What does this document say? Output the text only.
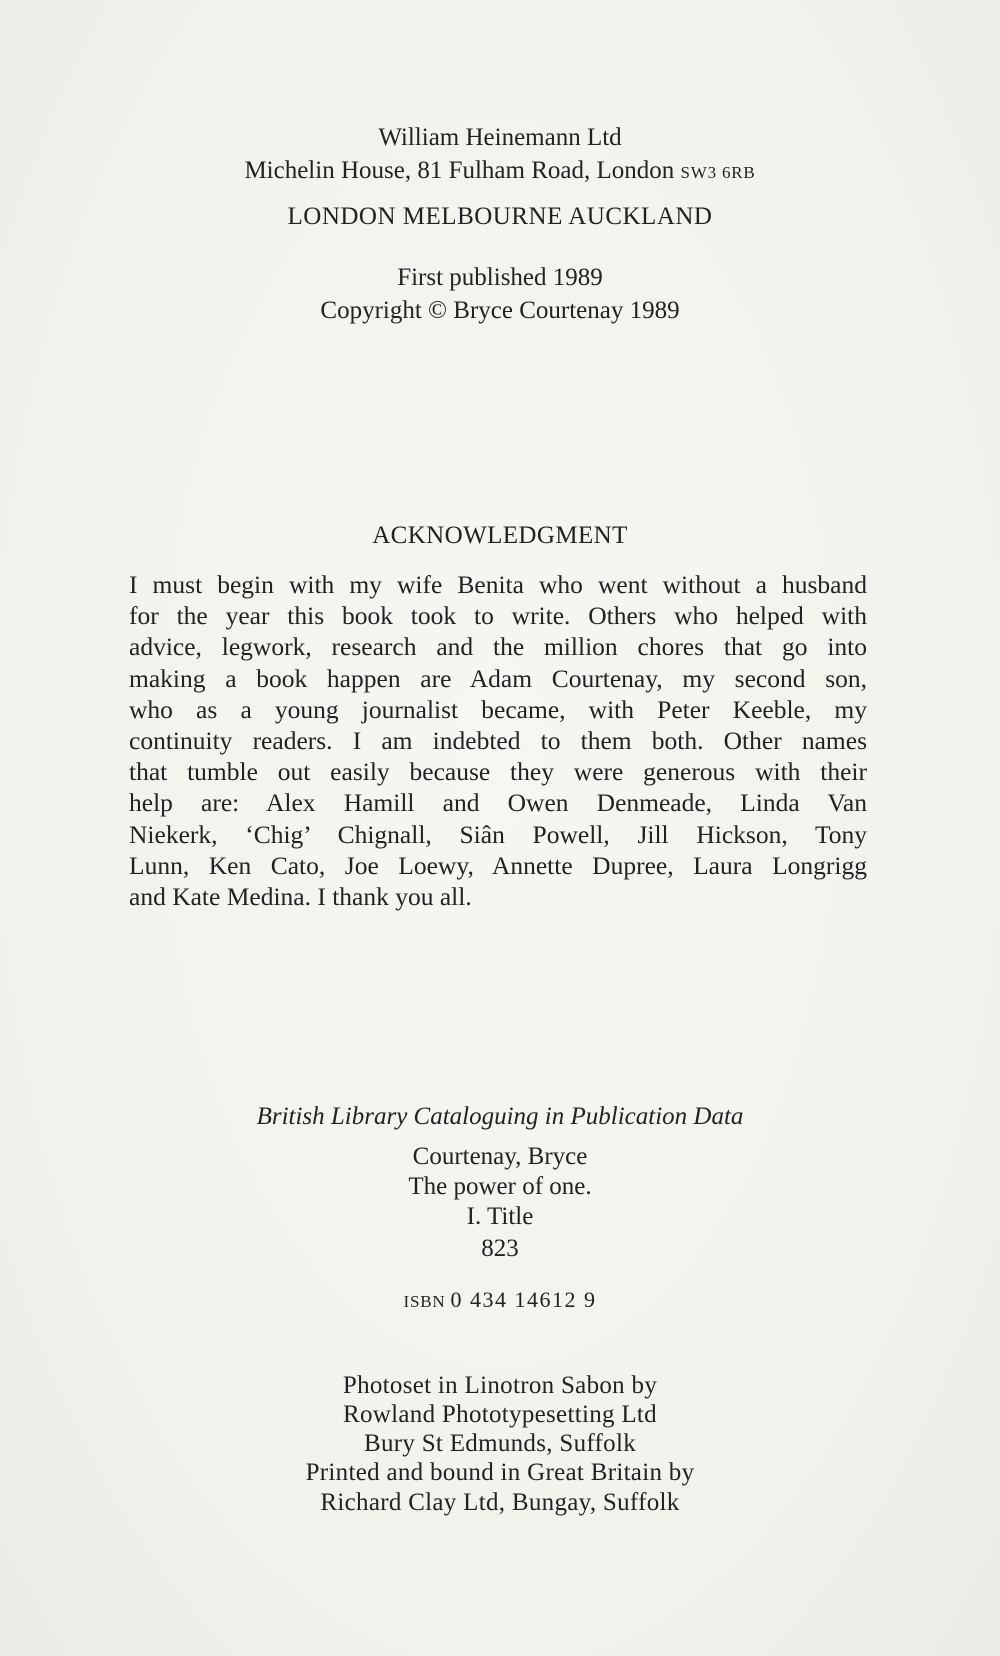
William Heinemann Ltd
Michelin House, 81 Fulham Road, London SW3 6RB
LONDON MELBOURNE AUCKLAND
First published 1989
Copyright © Bryce Courtenay 1989
ACKNOWLEDGMENT
I must begin with my wife Benita who went without a husband
for the year this book took to write. Others who helped with
advice, legwork, research and the million chores that go into
making a book happen are Adam Courtenay, my second son,
who as a young journalist became, with Peter Keeble, my
continuity readers. I am indebted to them both. Other names
that tumble out easily because they were generous with their
help are: Alex Hamill and Owen Denmeade, Linda Van
Niekerk, ‘Chig’ Chignall, Siân Powell, Jill Hickson, Tony
Lunn, Ken Cato, Joe Loewy, Annette Dupree, Laura Longrigg
and Kate Medina. I thank you all.
British Library Cataloguing in Publication Data
Courtenay, Bryce
The power of one.
I. Title
823
ISBN 0 434 14612 9
Photoset in Linotron Sabon by
Rowland Phototypesetting Ltd
Bury St Edmunds, Suffolk
Printed and bound in Great Britain by
Richard Clay Ltd, Bungay, Suffolk
